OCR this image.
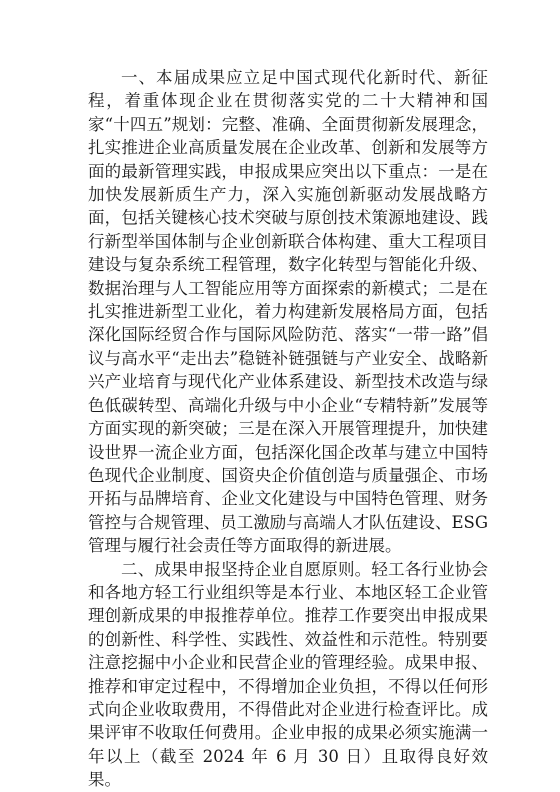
一、本届成果应立足中国式现代化新时代、新征程，着重体现企业在贯彻落实党的二十大精神和国家“十四五”规划：完整、准确、全面贯彻新发展理念，扎实推进企业高质量发展在企业改革、创新和发展等方面的最新管理实践，申报成果应突出以下重点：一是在加快发展新质生产力，深入实施创新驱动发展战略方面，包括关键核心技术突破与原创技术策源地建设、践行新型举国体制与企业创新联合体构建、重大工程项目建设与复杂系统工程管理，数字化转型与智能化升级、数据治理与人工智能应用等方面探索的新模式；二是在扎实推进新型工业化，着力构建新发展格局方面，包括深化国际经贸合作与国际风险防范、落实“一带一路”倡议与高水平“走出去”稳链补链强链与产业安全、战略新兴产业培育与现代化产业体系建设、新型技术改造与绿色低碳转型、高端化升级与中小企业“专精特新”发展等方面实现的新突破；三是在深入开展管理提升，加快建设世界一流企业方面，包括深化国企改革与建立中国特色现代企业制度、国资央企价值创造与质量强企、市场开拓与品牌培育、企业文化建设与中国特色管理、财务管控与合规管理、员工激励与高端人才队伍建设、ESG 管理与履行社会责任等方面取得的新进展。

二、成果申报坚持企业自愿原则。轻工各行业协会和各地方轻工行业组织等是本行业、本地区轻工企业管理创新成果的申报推荐单位。推荐工作要突出申报成果的创新性、科学性、实践性、效益性和示范性。特别要注意挖掘中小企业和民营企业的管理经验。成果申报、推荐和审定过程中，不得增加企业负担，不得以任何形式向企业收取费用，不得借此对企业进行检查评比。成果评审不收取任何费用。企业申报的成果必须实施满一年以上（截至 2024 年 6 月 30 日）且取得良好效果。
